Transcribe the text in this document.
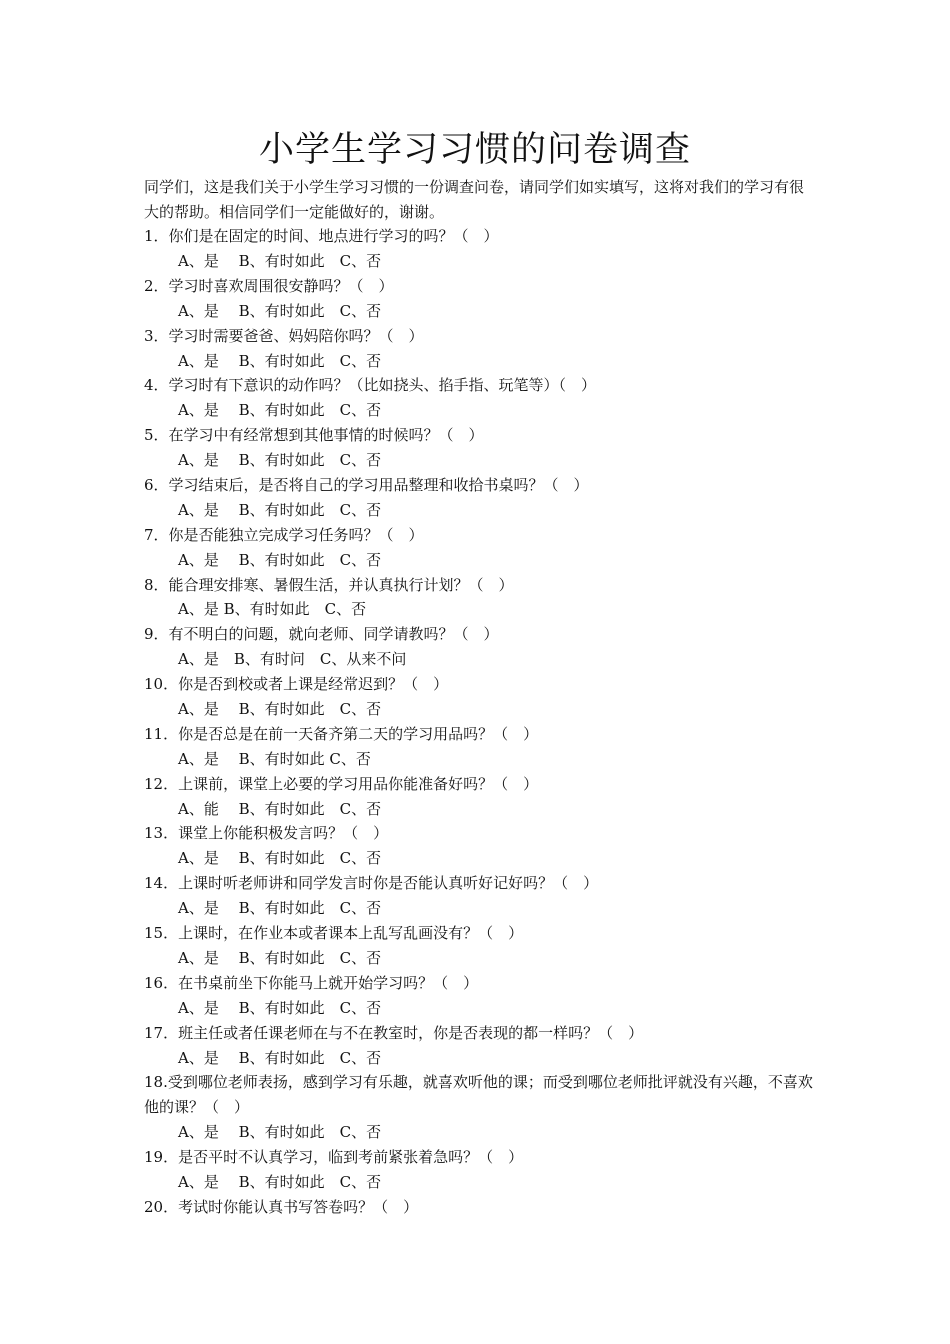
小学生学习习惯的问卷调查
同学们，这是我们关于小学生学习习惯的一份调查问卷，请同学们如实填写，这将对我们的学习有很大的帮助。相信同学们一定能做好的，谢谢。
1．你们是在固定的时间、地点进行学习的吗？（　）
A、是　 B、有时如此　C、否
2．学习时喜欢周围很安静吗？（　）
A、是　 B、有时如此　C、否
3．学习时需要爸爸、妈妈陪你吗？（　）
A、是　 B、有时如此　C、否
4．学习时有下意识的动作吗？（比如挠头、掐手指、玩笔等）（　）
A、是　 B、有时如此　C、否
5．在学习中有经常想到其他事情的时候吗？（　）
A、是　 B、有时如此　C、否
6．学习结束后，是否将自己的学习用品整理和收拾书桌吗？（　）
A、是　 B、有时如此　C、否
7．你是否能独立完成学习任务吗？（　）
A、是　 B、有时如此　C、否
8．能合理安排寒、暑假生活，并认真执行计划？（　）
A、是 B、有时如此　C、否
9．有不明白的问题，就向老师、同学请教吗？（　）
A、是　B、有时问　C、从来不问
10．你是否到校或者上课是经常迟到？（　）
A、是　 B、有时如此　C、否
11．你是否总是在前一天备齐第二天的学习用品吗？（　）
A、是　 B、有时如此 C、否
12．上课前，课堂上必要的学习用品你能准备好吗？（　）
A、能　 B、有时如此　C、否
13．课堂上你能积极发言吗？（　）
A、是　 B、有时如此　C、否
14．上课时听老师讲和同学发言时你是否能认真听好记好吗？（　）
A、是　 B、有时如此　C、否
15．上课时，在作业本或者课本上乱写乱画没有？（　）
A、是　 B、有时如此　C、否
16．在书桌前坐下你能马上就开始学习吗？（　）
A、是　 B、有时如此　C、否
17．班主任或者任课老师在与不在教室时，你是否表现的都一样吗？（　）
A、是　 B、有时如此　C、否
18.受到哪位老师表扬，感到学习有乐趣，就喜欢听他的课；而受到哪位老师批评就没有兴趣，不喜欢他的课？（　）
A、是　 B、有时如此　C、否
19．是否平时不认真学习，临到考前紧张着急吗？（　）
A、是　 B、有时如此　C、否
20．考试时你能认真书写答卷吗？（　）
